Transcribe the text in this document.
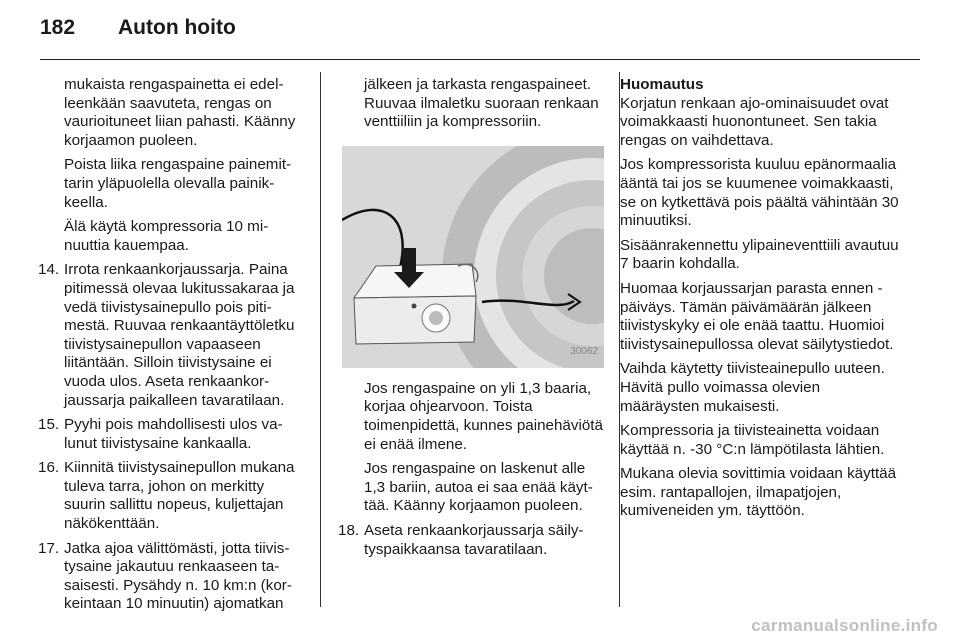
182 Auton hoito

mukaista rengaspainetta ei edelleenkään saavuteta, rengas on vaurioituneet liian pahasti. Käänny korjaamon puoleen.

Poista liika rengaspaine painemittarin yläpuolella olevalla painikkeella.

Älä käytä kompressoria 10 minuuttia kauempaa.

14. Irrota renkaankorjaussarja. Paina pitimessä olevaa lukitussakaraa ja vedä tiivistysainepullo pois pitimestä. Ruuvaa renkaantäyttöletku tiivistysainepullon vapaaseen liitäntään. Silloin tiivistysaine ei vuoda ulos. Aseta renkaankorjaussarja paikalleen tavaratilaan.
15. Pyyhi pois mahdollisesti ulos valunut tiivistysaine kankaalla.
16. Kiinnitä tiivistysainepullon mukana tuleva tarra, johon on merkitty suurin sallittu nopeus, kuljettajan näkökenttään.
17. Jatka ajoa välittömästi, jotta tiivistysaine jakautuu renkaaseen tasaisesti. Pysähdy n. 10 km:n (korkeintaan 10 minuutin) ajomatkan

jälkeen ja tarkasta rengaspaineet. Ruuvaa ilmaletku suoraan renkaan venttiiliin ja kompressoriin.

30062

Jos rengaspaine on yli 1,3 baaria, korjaa ohjearvoon. Toista toimenpidettä, kunnes painehäviötä ei enää ilmene.

Jos rengaspaine on laskenut alle 1,3 bariin, autoa ei saa enää käyttää. Käänny korjaamon puoleen.

18. Aseta renkaankorjaussarja säilytyspaikkaansa tavaratilaan.
Huomautus

Korjatun renkaan ajo-ominaisuudet ovat voimakkaasti huonontuneet. Sen takia rengas on vaihdettava.

Jos kompressorista kuuluu epänormaalia ääntä tai jos se kuumenee voimakkaasti, se on kytkettävä pois päältä vähintään 30 minuutiksi.

Sisäänrakennettu ylipaineventtiili avautuu 7 baarin kohdalla.

Huomaa korjaussarjan parasta ennen -päiväys. Tämän päivämäärän jälkeen tiivistyskyky ei ole enää taattu. Huomioi tiivistysainepullossa olevat säilytystiedot.

Vaihda käytetty tiivisteainepullo uuteen. Hävitä pullo voimassa olevien määräysten mukaisesti.

Kompressoria ja tiivisteainetta voidaan käyttää n. -30 °C:n lämpötilasta lähtien.

Mukana olevia sovittimia voidaan käyttää esim. rantapallojen, ilmapatjojen, kumiveneiden ym. täyttöön.

carmanualsonline.info
